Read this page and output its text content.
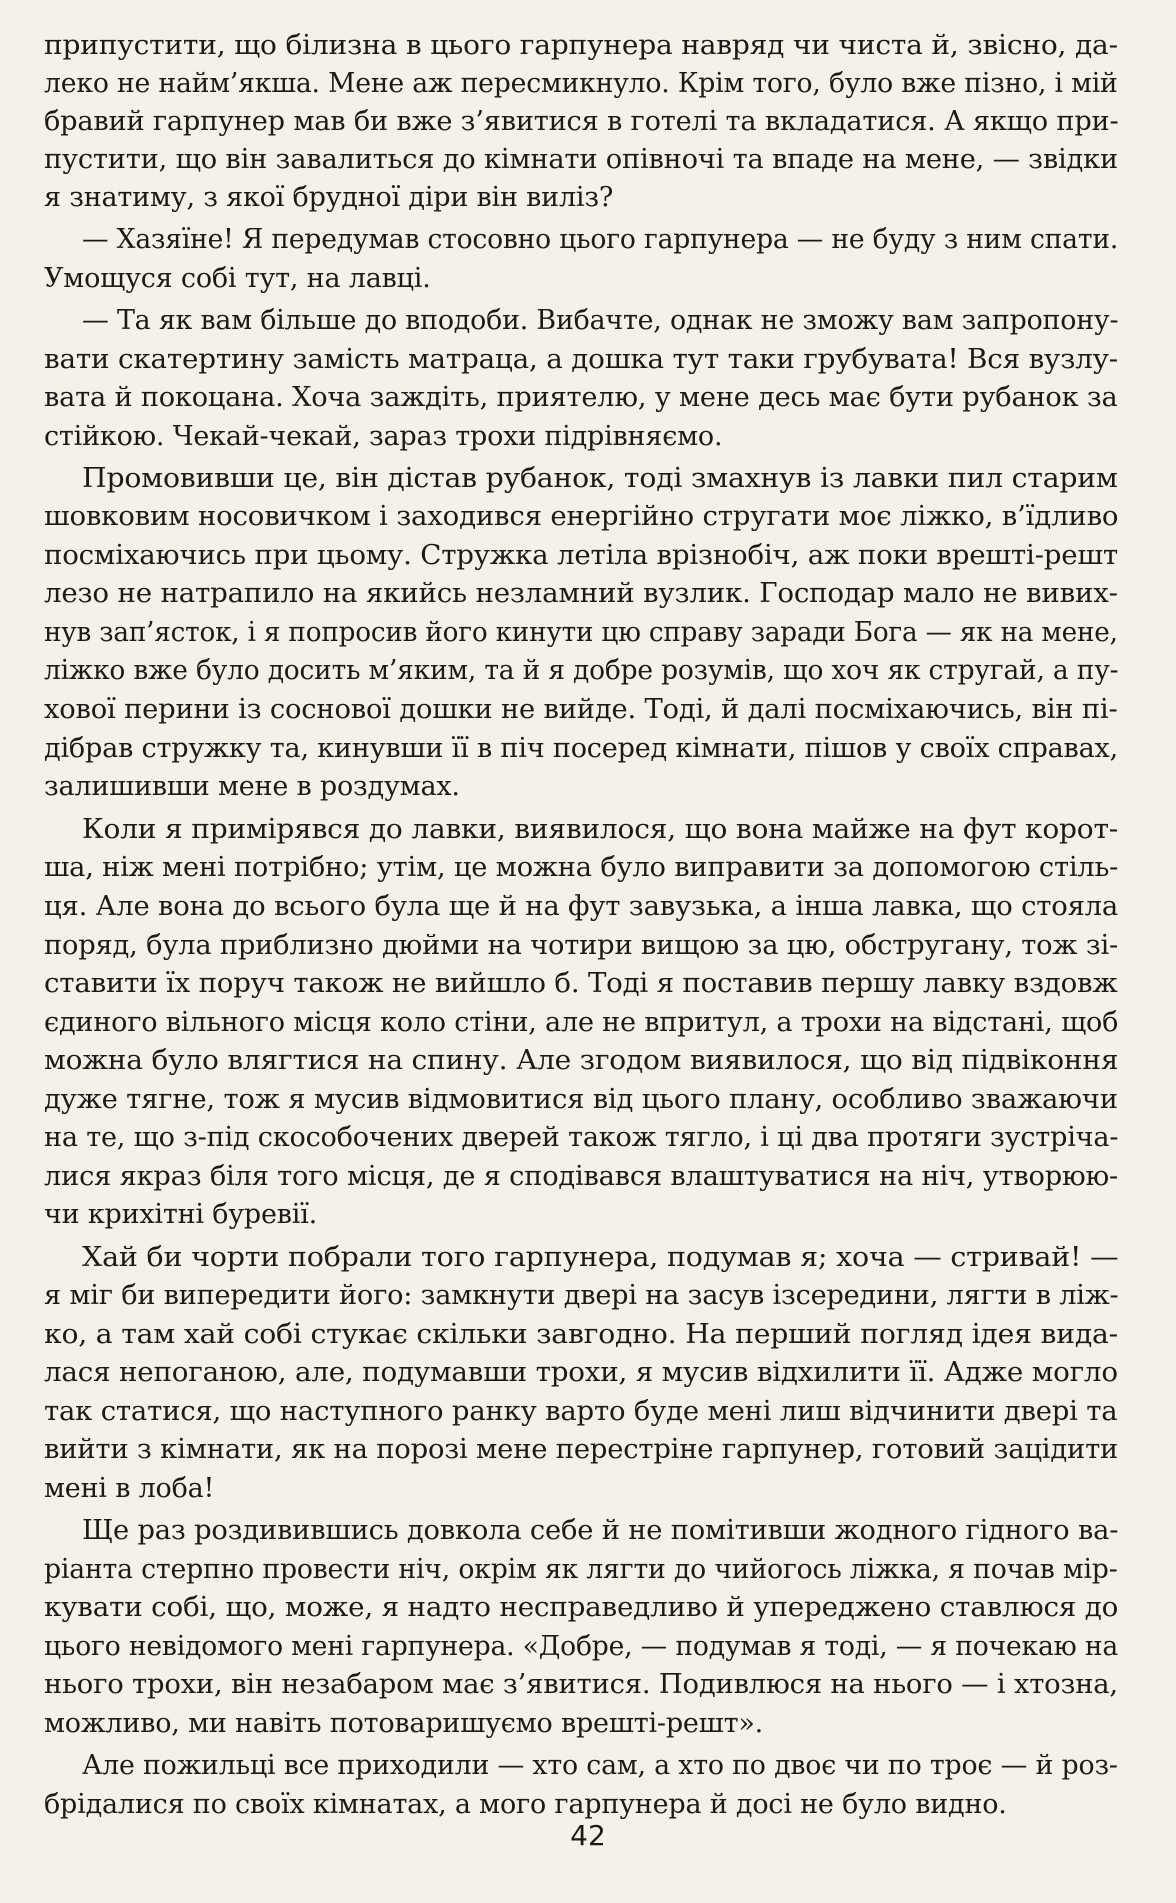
припустити, що білизна в цього гарпунера навряд чи чиста й, звісно, да-
леко не найм’якша. Мене аж пересмикнуло. Крім того, було вже пізно, і мій
бравий гарпунер мав би вже з’явитися в готелі та вкладатися. А якщо при-
пустити, що він завалиться до кімнати опівночі та впаде на мене, — звідки
я знатиму, з якої брудної діри він виліз?
— Хазяїне! Я передумав стосовно цього гарпунера — не буду з ним спати.
Умощуся собі тут, на лавці.
— Та як вам більше до вподоби. Вибачте, однак не зможу вам запропону-
вати скатертину замість матраца, а дошка тут таки грубувата! Вся вузлу-
вата й покоцана. Хоча заждіть, приятелю, у мене десь має бути рубанок за
стійкою. Чекай-чекай, зараз трохи підрівняємо.
Промовивши це, він дістав рубанок, тоді змахнув із лавки пил старим
шовковим носовичком і заходився енергійно стругати моє ліжко, в’їдливо
посміхаючись при цьому. Стружка летіла врізнобіч, аж поки врешті-решт
лезо не натрапило на якийсь незламний вузлик. Господар мало не вивих-
нув зап’ясток, і я попросив його кинути цю справу заради Бога — як на мене,
ліжко вже було досить м’яким, та й я добре розумів, що хоч як стругай, а пу-
хової перини із соснової дошки не вийде. Тоді, й далі посміхаючись, він пі-
дібрав стружку та, кинувши її в піч посеред кімнати, пішов у своїх справах,
залишивши мене в роздумах.
Коли я примірявся до лавки, виявилося, що вона майже на фут корот-
ша, ніж мені потрібно; утім, це можна було виправити за допомогою стіль-
ця. Але вона до всього була ще й на фут завузька, а інша лавка, що стояла
поряд, була приблизно дюйми на чотири вищою за цю, обстругану, тож зі-
ставити їх поруч також не вийшло б. Тоді я поставив першу лавку вздовж
єдиного вільного місця коло стіни, але не впритул, а трохи на відстані, щоб
можна було влягтися на спину. Але згодом виявилося, що від підвіконня
дуже тягне, тож я мусив відмовитися від цього плану, особливо зважаючи
на те, що з-під скособочених дверей також тягло, і ці два протяги зустріча-
лися якраз біля того місця, де я сподівався влаштуватися на ніч, утворюю-
чи крихітні буревії.
Хай би чорти побрали того гарпунера, подумав я; хоча — стривай! —
я міг би випередити його: замкнути двері на засув ізсередини, лягти в ліж-
ко, а там хай собі стукає скільки завгодно. На перший погляд ідея вида-
лася непоганою, але, подумавши трохи, я мусив відхилити її. Адже могло
так статися, що наступного ранку варто буде мені лиш відчинити двері та
вийти з кімнати, як на порозі мене перестріне гарпунер, готовий зацідити
мені в лоба!
Ще раз роздивившись довкола себе й не помітивши жодного гідного ва-
ріанта стерпно провести ніч, окрім як лягти до чийогось ліжка, я почав мір-
кувати собі, що, може, я надто несправедливо й упереджено ставлюся до
цього невідомого мені гарпунера. «Добре, — подумав я тоді, — я почекаю на
нього трохи, він незабаром має з’явитися. Подивлюся на нього — і хтозна,
можливо, ми навіть потоваришуємо врешті-решт».
Але пожильці все приходили — хто сам, а хто по двоє чи по троє — й роз-
брідалися по своїх кімнатах, а мого гарпунера й досі не було видно.
42
